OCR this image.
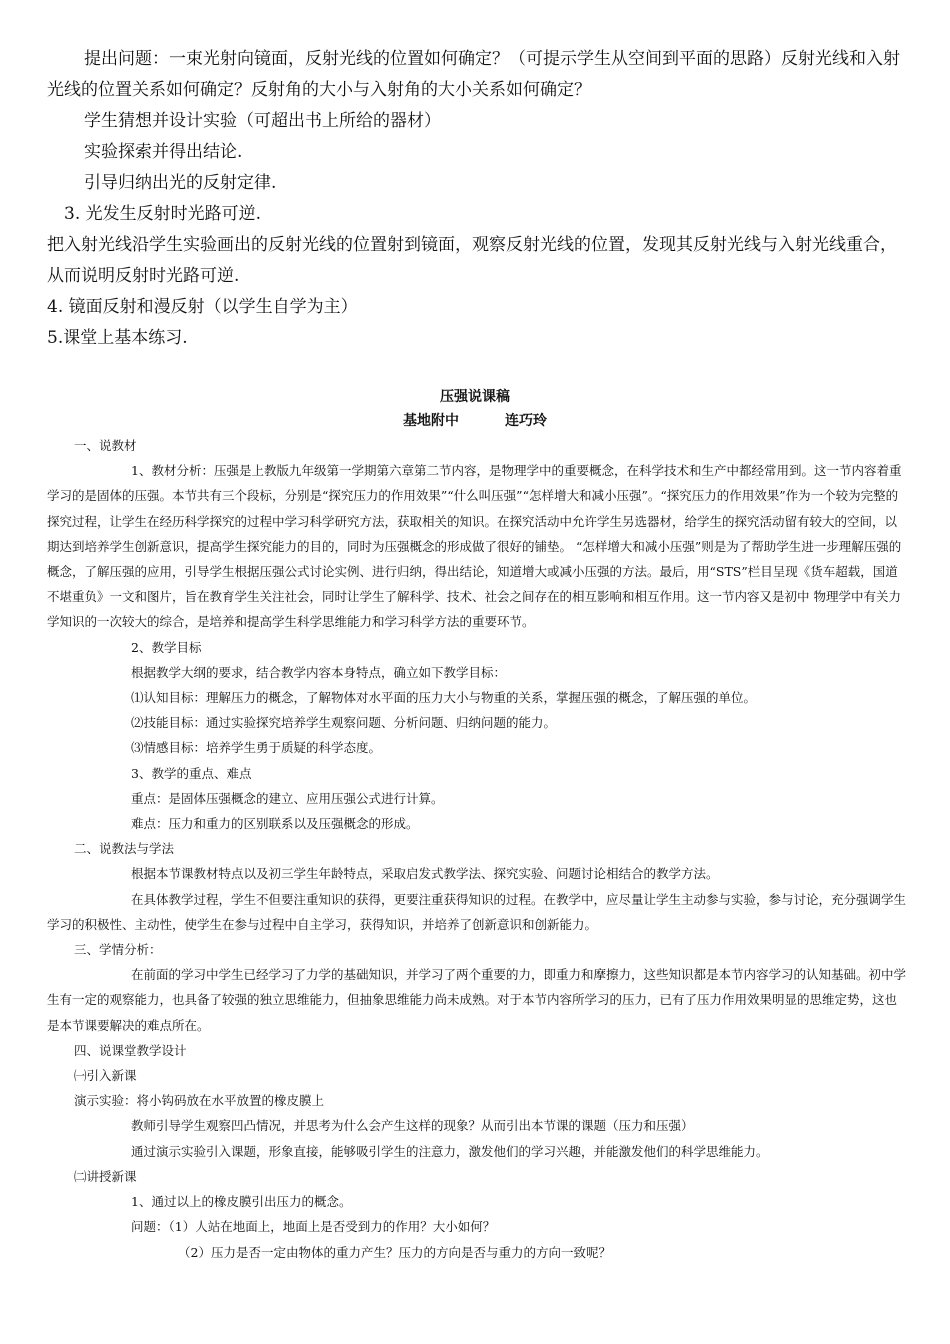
提出问题：一束光射向镜面，反射光线的位置如何确定？（可提示学生从空间到平面的思路）反射光线和入射光线的位置关系如何确定？反射角的大小与入射角的大小关系如何确定？

学生猜想并设计实验（可超出书上所给的器材）

实验探索并得出结论.

引导归纳出光的反射定律.

3. 光发生反射时光路可逆.

把入射光线沿学生实验画出的反射光线的位置射到镜面，观察反射光线的位置，发现其反射光线与入射光线重合，从而说明反射时光路可逆.

4. 镜面反射和漫反射（以学生自学为主）

5.课堂上基本练习.

压强说课稿
基地附中	连巧玲

一、说教材

1、教材分析：压强是上教版九年级第一学期第六章第二节内容，是物理学中的重要概念，在科学技术和生产中都经常用到。这一节内容着重学习的是固体的压强。本节共有三个段标，分别是“探究压力的作用效果”“什么叫压强”“怎样增大和减小压强”。“探究压力的作用效果”作为一个较为完整的探究过程，让学生在经历科学探究的过程中学习科学研究方法，获取相关的知识。在探究活动中允许学生另选器材，给学生的探究活动留有较大的空间，以期达到培养学生创新意识，提高学生探究能力的目的，同时为压强概念的形成做了很好的铺垫。 “怎样增大和减小压强”则是为了帮助学生进一步理解压强的概念，了解压强的应用，引导学生根据压强公式讨论实例、进行归纳，得出结论，知道增大或减小压强的方法。最后，用“STS”栏目呈现《货车超载，国道不堪重负》一文和图片，旨在教育学生关注社会，同时让学生了解科学、技术、社会之间存在的相互影响和相互作用。这一节内容又是初中 物理学中有关力学知识的一次较大的综合，是培养和提高学生科学思维能力和学习科学方法的重要环节。

2、教学目标

根据教学大纲的要求，结合教学内容本身特点，确立如下教学目标：

⑴认知目标：理解压力的概念，了解物体对水平面的压力大小与物重的关系，掌握压强的概念，了解压强的单位。

⑵技能目标：通过实验探究培养学生观察问题、分析问题、归纳问题的能力。

⑶情感目标：培养学生勇于质疑的科学态度。

3、教学的重点、难点

重点：是固体压强概念的建立、应用压强公式进行计算。

难点：压力和重力的区别联系以及压强概念的形成。

二、说教法与学法

根据本节课教材特点以及初三学生年龄特点，采取启发式教学法、探究实验、问题讨论相结合的教学方法。

在具体教学过程，学生不但要注重知识的获得，更要注重获得知识的过程。在教学中，应尽量让学生主动参与实验，参与讨论，充分强调学生学习的积极性、主动性，使学生在参与过程中自主学习，获得知识，并培养了创新意识和创新能力。

三、学情分析：

在前面的学习中学生已经学习了力学的基础知识，并学习了两个重要的力，即重力和摩擦力，这些知识都是本节内容学习的认知基础。初中学生有一定的观察能力，也具备了较强的独立思维能力，但抽象思维能力尚未成熟。对于本节内容所学习的压力，已有了压力作用效果明显的思维定势，这也是本节课要解决的难点所在。

四、说课堂教学设计

㈠引入新课

演示实验：将小钩码放在水平放置的橡皮膜上

教师引导学生观察凹凸情况，并思考为什么会产生这样的现象？从而引出本节课的课题（压力和压强）

通过演示实验引入课题，形象直接，能够吸引学生的注意力，激发他们的学习兴趣，并能激发他们的科学思维能力。

㈡讲授新课

1、通过以上的橡皮膜引出压力的概念。

问题：（1）人站在地面上，地面上是否受到力的作用？大小如何？

（2）压力是否一定由物体的重力产生？压力的方向是否与重力的方向一致呢？
